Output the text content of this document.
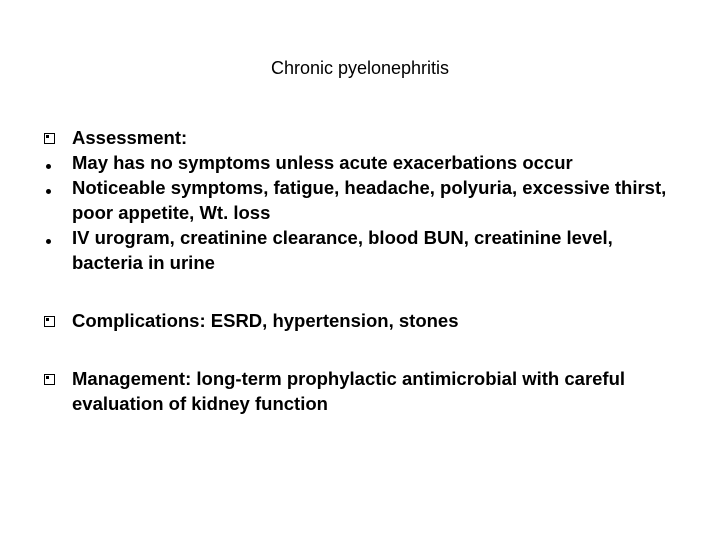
Chronic pyelonephritis
Assessment:
May has no symptoms unless acute exacerbations occur
Noticeable symptoms, fatigue, headache, polyuria, excessive thirst, poor appetite, Wt. loss
IV urogram, creatinine clearance, blood BUN, creatinine level, bacteria in urine
Complications: ESRD, hypertension, stones
Management: long-term prophylactic antimicrobial with careful evaluation of kidney function
